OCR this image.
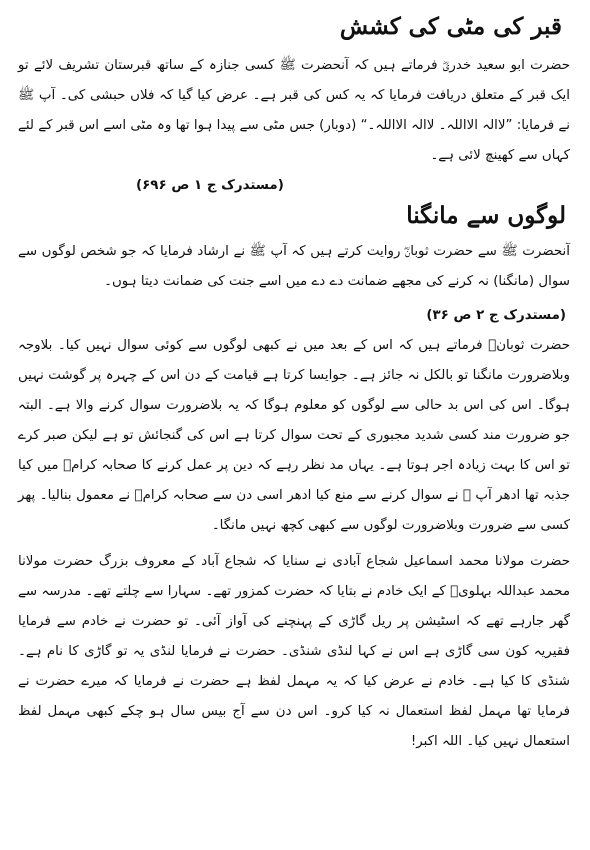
قبر کی مٹی کی کشش

حضرت ابو سعید خدریؓ فرماتے ہیں کہ آنحضرت ﷺ کسی جنازہ کے ساتھ قبرستان تشریف لائے تو ایک قبر کے متعلق دریافت فرمایا کہ یہ کس کی قبر ہے۔ عرض کیا گیا کہ فلاں حبشی کی۔ آپ ﷺ نے فرمایا: ”لاالہ الااللہ۔ لاالہ الااللہ۔“ (دوبار) جس مٹی سے پیدا ہوا تھا وہ مٹی اسے اس قبر کے لئے کہاں سے کھینچ لائی ہے۔

(مستدرک ج ۱ ص ۶۹۶)

لوگوں سے مانگنا

آنحضرت ﷺ سے حضرت ثوبانؓ روایت کرتے ہیں کہ آپ ﷺ نے ارشاد فرمایا کہ جو شخص لوگوں سے سوال (مانگنا) نہ کرنے کی مجھے ضمانت دے دے میں اسے جنت کی ضمانت دیتا ہوں۔

(مستدرک ج ۲ ص ۳۶)

حضرت ثوبانؓ فرماتے ہیں کہ اس کے بعد میں نے کبھی لوگوں سے کوئی سوال نہیں کیا۔ بلاوجہ وبلاضرورت مانگنا تو بالکل نہ جائز ہے۔ جوایسا کرتا ہے قیامت کے دن اس کے چہرہ پر گوشت نہیں ہوگا۔ اس کی اس بد حالی سے لوگوں کو معلوم ہوگا کہ یہ بلاضرورت سوال کرنے والا ہے۔ البتہ جو ضرورت مند کسی شدید مجبوری کے تحت سوال کرتا ہے اس کی گنجائش تو ہے لیکن صبر کرے تو اس کا بہت زیادہ اجر ہوتا ہے۔ یہاں مد نظر رہے کہ دین پر عمل کرنے کا صحابہ کرامؓ میں کیا جذبہ تھا ادھر آپ ﷺ نے سوال کرنے سے منع کیا ادھر اسی دن سے صحابہ کرامؓ نے معمول بنالیا۔ پھر کسی سے ضرورت وبلاضرورت لوگوں سے کبھی کچھ نہیں مانگا۔

حضرت مولانا محمد اسماعیل شجاع آبادی نے سنایا کہ شجاع آباد کے معروف بزرگ حضرت مولانا محمد عبداللہ بہلویؒ کے ایک خادم نے بتایا کہ حضرت کمزور تھے۔ سہارا سے چلتے تھے۔ مدرسہ سے گھر جارہے تھے کہ اسٹیشن پر ریل گاڑی کے پہنچنے کی آواز آئی۔ تو حضرت نے خادم سے فرمایا فقیریہ کون سی گاڑی ہے اس نے کہا لنڈی شنڈی۔ حضرت نے فرمایا لنڈی یہ تو گاڑی کا نام ہے۔ شنڈی کا کیا ہے۔ خادم نے عرض کیا کہ یہ مہمل لفظ ہے حضرت نے فرمایا کہ میرے حضرت نے فرمایا تھا مہمل لفظ استعمال نہ کیا کرو۔ اس دن سے آج بیس سال ہو چکے کبھی مہمل لفظ استعمال نہیں کیا۔ اللہ اکبر!
